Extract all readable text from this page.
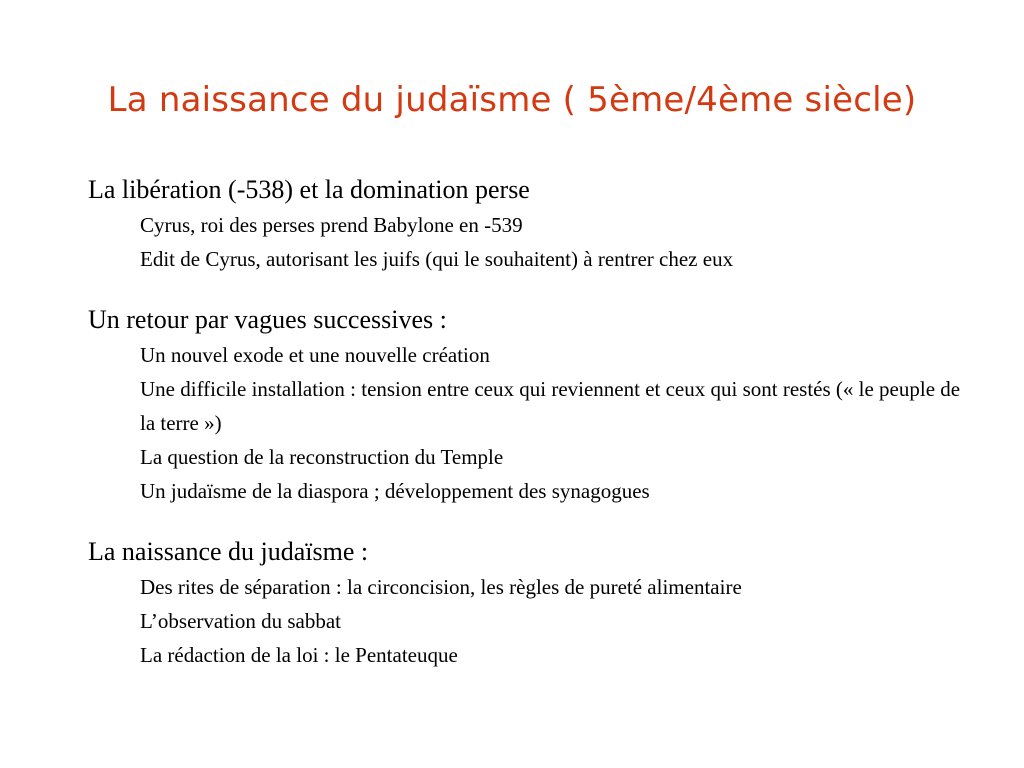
La naissance du judaïsme ( 5ème/4ème siècle)
La libération (-538) et la domination perse
Cyrus, roi des perses prend Babylone en -539
Edit de Cyrus, autorisant les juifs (qui le souhaitent) à rentrer chez eux
Un retour par vagues successives :
Un nouvel exode et une nouvelle création
Une difficile installation : tension entre ceux qui reviennent et ceux qui sont restés (« le peuple de la terre »)
La question de la reconstruction du Temple
Un judaïsme de la diaspora ; développement des synagogues
La naissance du judaïsme :
Des rites de séparation : la circoncision, les règles de pureté alimentaire
L’observation du sabbat
La rédaction de la loi : le Pentateuque
